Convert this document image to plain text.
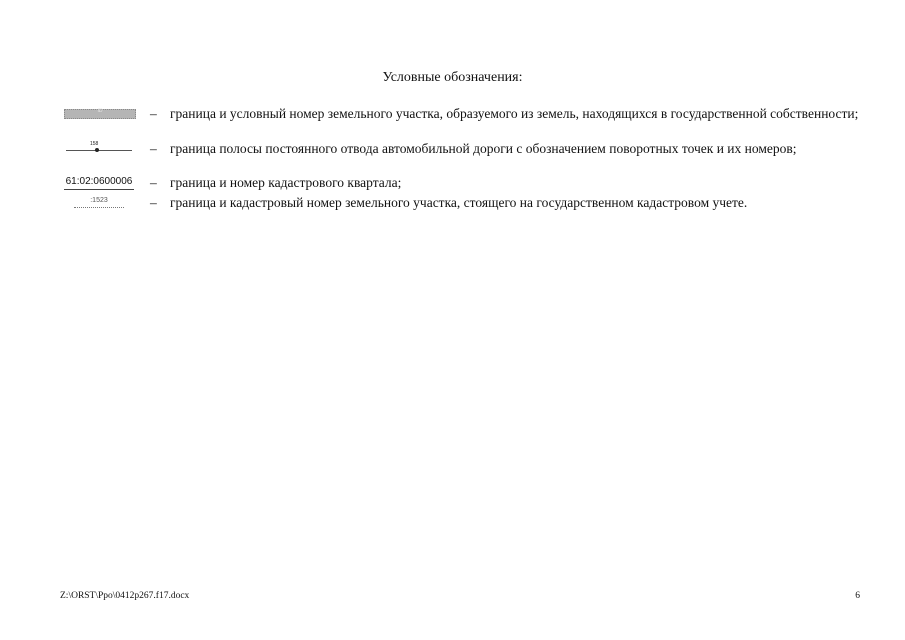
Условные обозначения:
ID	– граница и условный номер земельного участка, образуемого из земель, находящихся в государственной собственности;
158	– граница полосы постоянного отвода автомобильной дороги с обозначением поворотных точек и их номеров;
61:02:0600006	– граница и номер кадастрового квартала;
:1523	– граница и кадастровый номер земельного участка, стоящего на государственном кадастровом учете.
Z:\ORST\Ppo\0412p267.f17.docx	6
